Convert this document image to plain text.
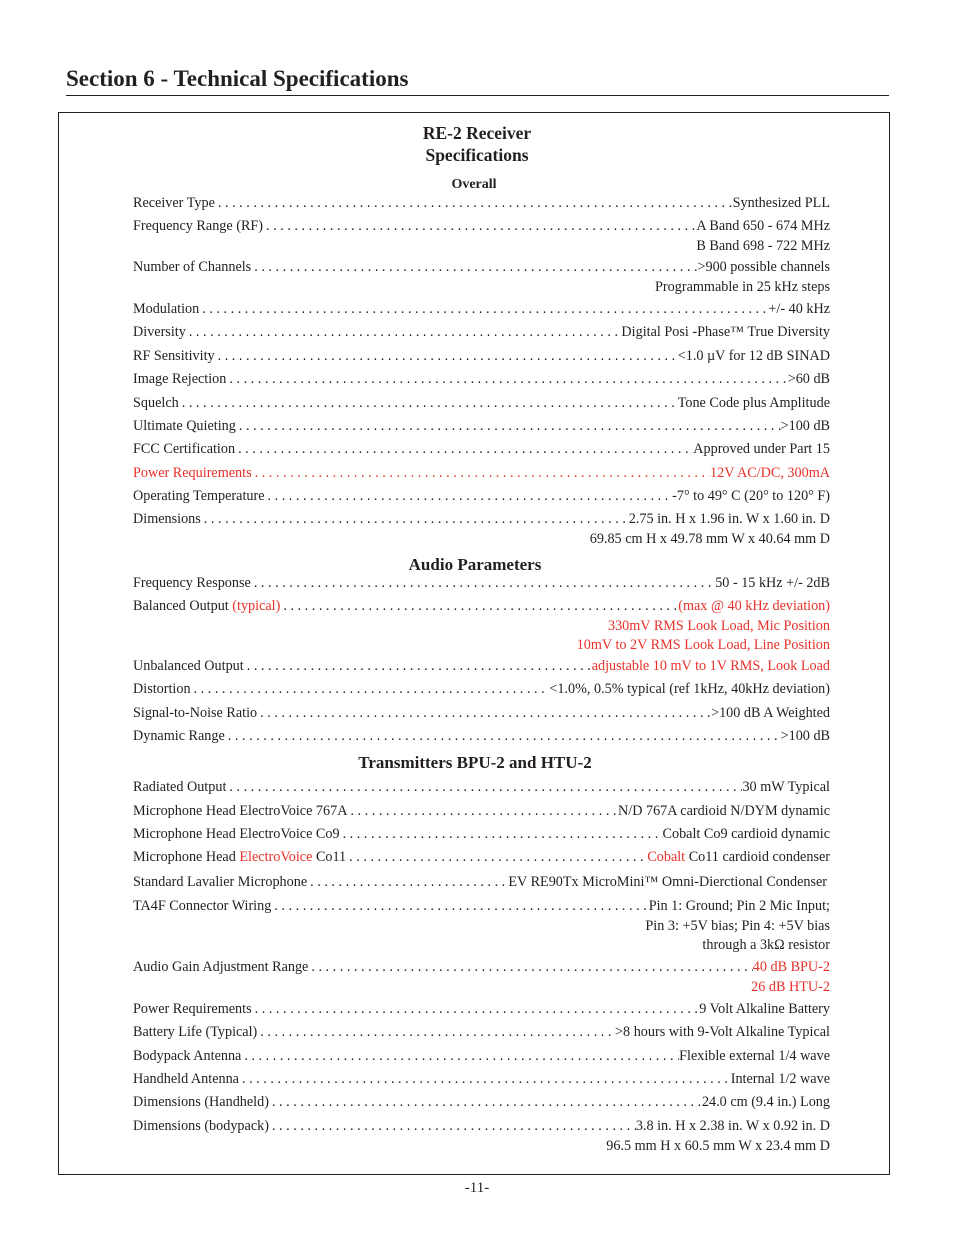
Section 6 - Technical Specifications
RE-2 Receiver
Specifications
Overall
Receiver Type . . .	Synthesized PLL
Frequency Range (RF) . . .	A Band 650 - 674 MHz
B Band 698 - 722 MHz
Number of Channels . . .	>900 possible channels
Programmable in 25 kHz steps
Modulation . . .	+/- 40 kHz
Diversity . . .	Digital Posi -Phase™ True Diversity
RF Sensitivity . . .	<1.0 µV for 12 dB SINAD
Image Rejection . . .	>60 dB
Squelch . . .	Tone Code plus Amplitude
Ultimate Quieting . . .	>100 dB
FCC Certification . . .	Approved under Part 15
Power Requirements . . .	12V AC/DC, 300mA
Operating Temperature . . .	-7° to 49° C (20° to 120° F)
Dimensions . . .	2.75 in. H x 1.96 in. W x 1.60 in. D
69.85 cm H x 49.78 mm W x 40.64 mm D
Audio Parameters
Frequency Response . . .	50 - 15 kHz +/- 2dB
Balanced Output (typical) . . .	(max @ 40 kHz deviation)
330mV RMS Look Load, Mic Position
10mV to 2V RMS Look Load, Line Position
Unbalanced Output . . .	adjustable 10 mV to 1V RMS, Look Load
Distortion . . .	<1.0%, 0.5% typical (ref 1kHz, 40kHz deviation)
Signal-to-Noise Ratio . . .	>100 dB A Weighted
Dynamic Range . . .	>100 dB
Transmitters BPU-2 and HTU-2
Radiated Output . . .	30 mW Typical
Microphone Head ElectroVoice 767A . . .	N/D 767A cardioid N/DYM dynamic
Microphone Head ElectroVoice Co9 . . .	Cobalt Co9 cardioid dynamic
Microphone Head ElectroVoice Co11 . . .	Cobalt Co11 cardioid condenser
Standard Lavalier Microphone . . .	EV RE90Tx MicroMini™ Omni-Dierctional Condenser
TA4F Connector Wiring . . .	Pin 1: Ground; Pin 2 Mic Input;
Pin 3: +5V bias; Pin 4: +5V bias
through a 3kΩ resistor
Audio Gain Adjustment Range . . .	40 dB BPU-2
26 dB HTU-2
Power Requirements . . .	9 Volt Alkaline Battery
Battery Life (Typical) . . .	>8 hours with 9-Volt Alkaline Typical
Bodypack Antenna . . .	Flexible external 1/4 wave
Handheld Antenna . . .	Internal 1/2 wave
Dimensions (Handheld) . . .	24.0 cm (9.4 in.) Long
Dimensions (bodypack) . . .	3.8 in. H x 2.38 in. W x 0.92 in. D
96.5 mm H x 60.5 mm W x 23.4 mm D
-11-
